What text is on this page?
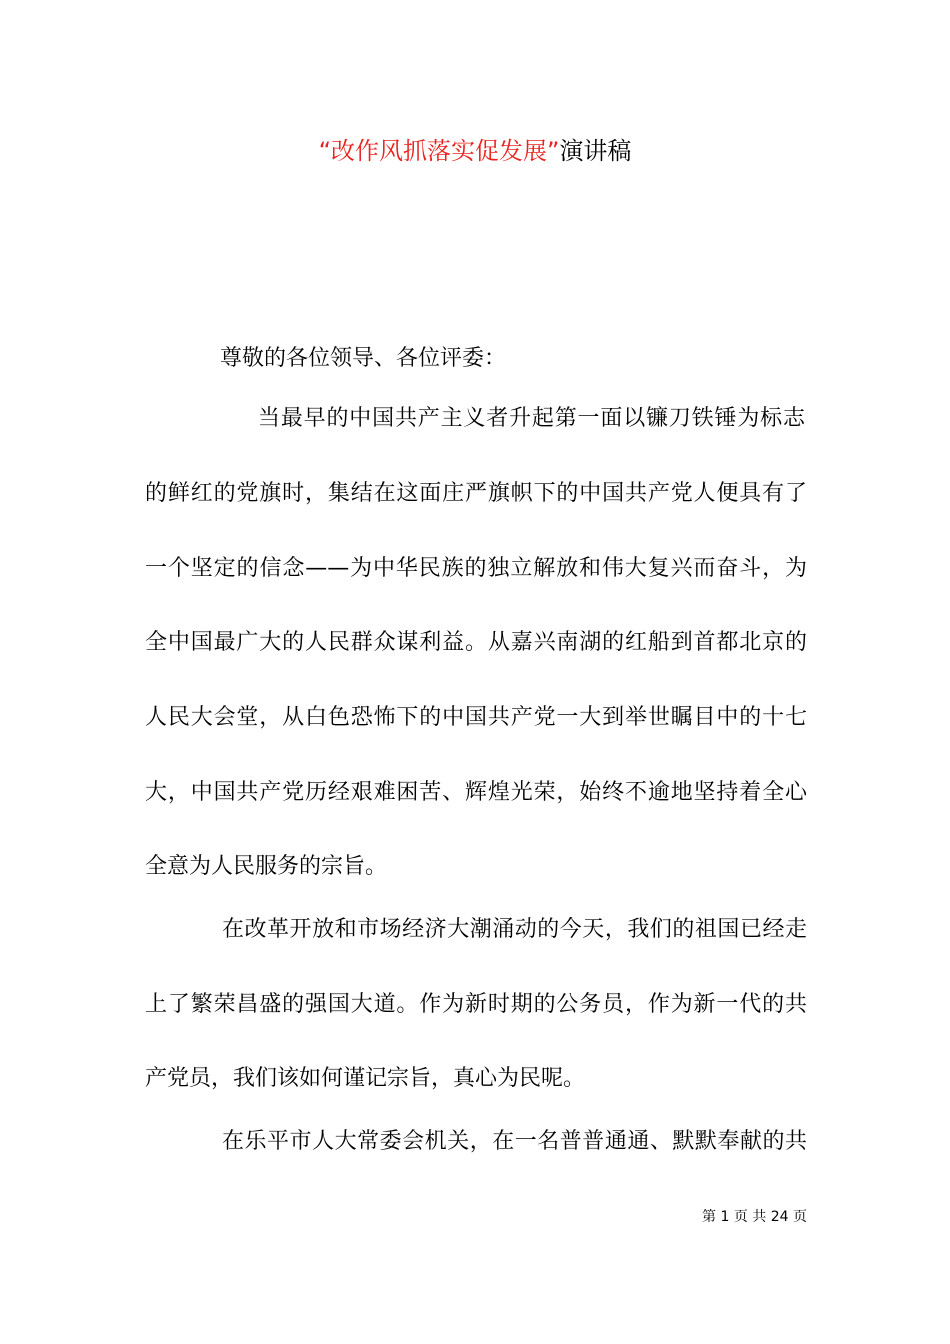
“改作风抓落实促发展”演讲稿
尊敬的各位领导、各位评委：
当最早的中国共产主义者升起第一面以镰刀铁锤为标志
的鲜红的党旗时，集结在这面庄严旗帜下的中国共产党人便具有了
一个坚定的信念——为中华民族的独立解放和伟大复兴而奋斗，为
全中国最广大的人民群众谋利益。从嘉兴南湖的红船到首都北京的
人民大会堂，从白色恐怖下的中国共产党一大到举世瞩目中的十七
大，中国共产党历经艰难困苦、辉煌光荣，始终不逾地坚持着全心
全意为人民服务的宗旨。
在改革开放和市场经济大潮涌动的今天，我们的祖国已经走
上了繁荣昌盛的强国大道。作为新时期的公务员，作为新一代的共
产党员，我们该如何谨记宗旨，真心为民呢。
在乐平市人大常委会机关，在一名普普通通、默默奉献的共
第 1 页 共 24 页
